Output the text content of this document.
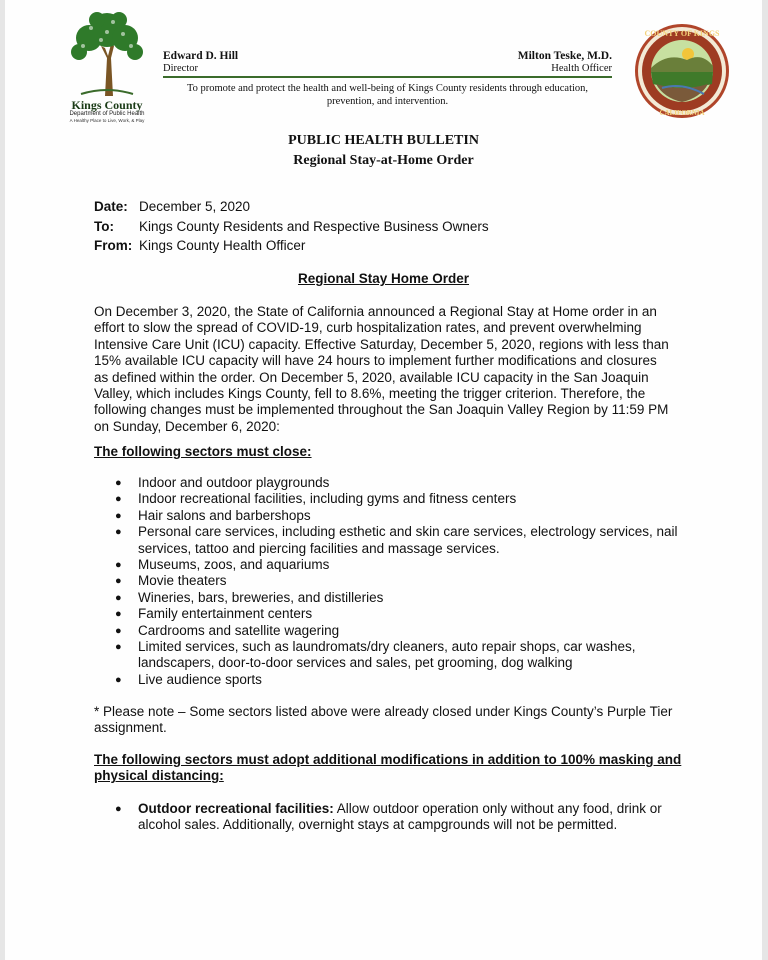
Kings County
Department of Public Health
A Healthy Place to Live, Work, & Play
Edward D. Hill	Milton Teske, M.D.
Director	Health Officer
To promote and protect the health and well-being of Kings County residents through education, prevention, and intervention.
COUNTY OF KINGS
CALIFORNIA
PUBLIC HEALTH BULLETIN
Regional Stay-at-Home Order
Date: December 5, 2020
To:	Kings County Residents and Respective Business Owners
From: Kings County Health Officer
Regional Stay Home Order
On December 3, 2020, the State of California announced a Regional Stay at Home order in an effort to slow the spread of COVID-19, curb hospitalization rates, and prevent overwhelming Intensive Care Unit (ICU) capacity. Effective Saturday, December 5, 2020, regions with less than 15% available ICU capacity will have 24 hours to implement further modifications and closures as defined within the order. On December 5, 2020, available ICU capacity in the San Joaquin Valley, which includes Kings County, fell to 8.6%, meeting the trigger criterion. Therefore, the following changes must be implemented throughout the San Joaquin Valley Region by 11:59 PM on Sunday, December 6, 2020:
The following sectors must close:
● Indoor and outdoor playgrounds
● Indoor recreational facilities, including gyms and fitness centers
● Hair salons and barbershops
● Personal care services, including esthetic and skin care services, electrology services, nail services, tattoo and piercing facilities and massage services.
● Museums, zoos, and aquariums
● Movie theaters
● Wineries, bars, breweries, and distilleries
● Family entertainment centers
● Cardrooms and satellite wagering
● Limited services, such as laundromats/dry cleaners, auto repair shops, car washes, landscapers, door-to-door services and sales, pet grooming, dog walking
● Live audience sports
* Please note – Some sectors listed above were already closed under Kings County’s Purple Tier assignment.
The following sectors must adopt additional modifications in addition to 100% masking and physical distancing:
● Outdoor recreational facilities: Allow outdoor operation only without any food, drink or alcohol sales. Additionally, overnight stays at campgrounds will not be permitted.
